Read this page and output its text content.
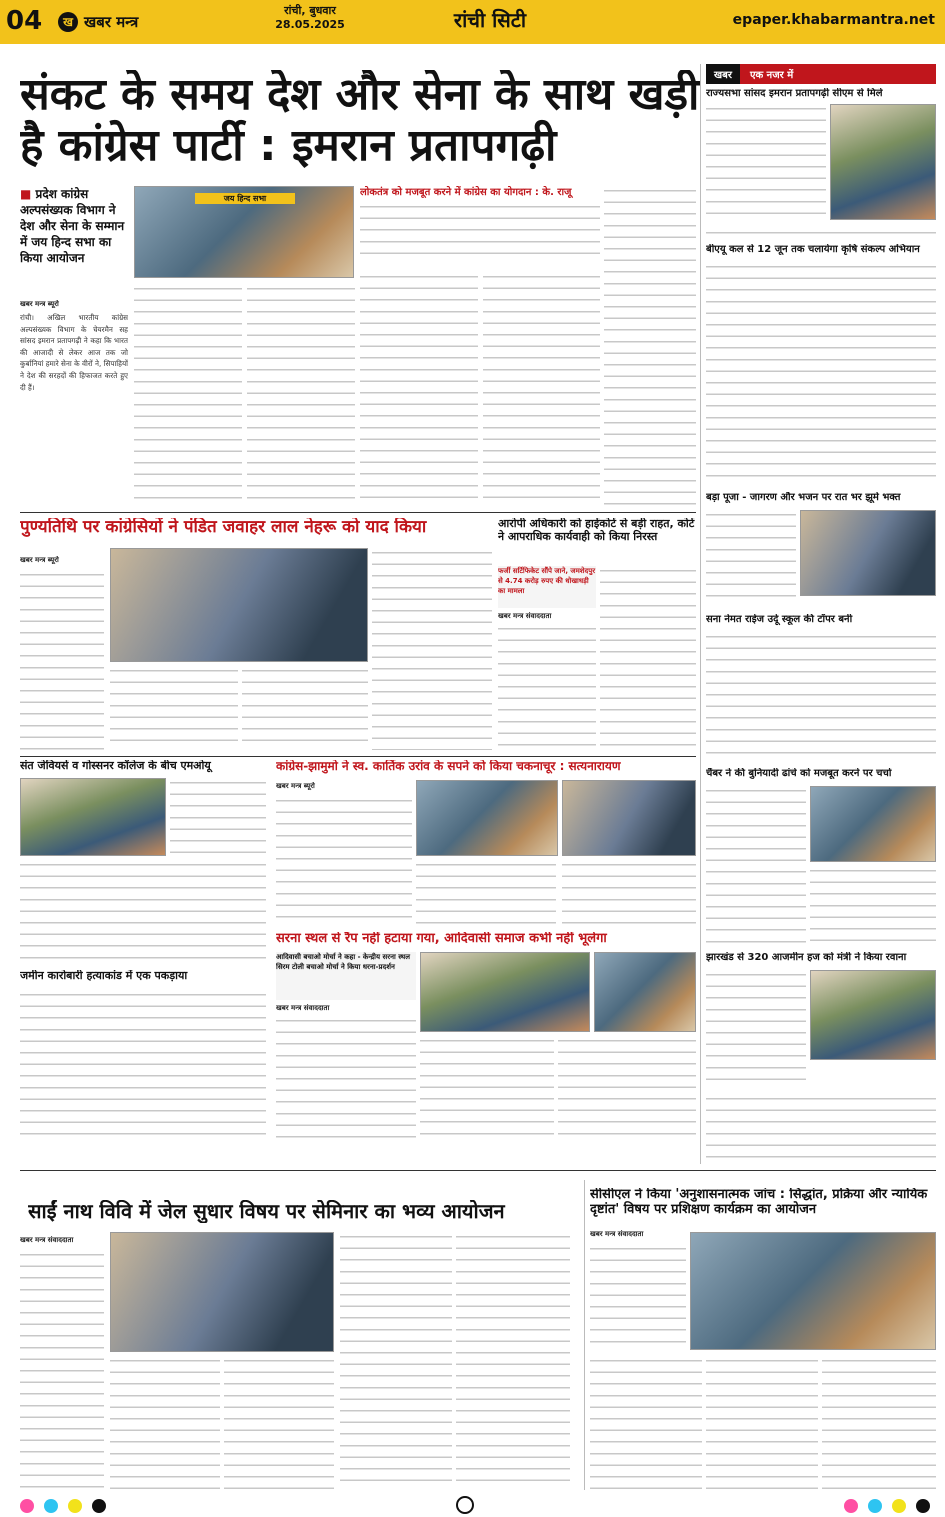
04	ख खबर मन्त्र
रांची, बुधवार
28.05.2025	रांची सिटी	epaper.khabarmantra.net
संकट के समय देश और सेना के साथ खड़ी है कांग्रेस पार्टी : इमरान प्रतापगढ़ी
■ प्रदेश कांग्रेस अल्पसंख्यक विभाग ने देश और सेना के सम्मान में जय हिन्द सभा का किया आयोजन
जय हिन्द सभा
लोकतंत्र को मजबूत करने में कांग्रेस का योगदान : के. राजू
खबर मन्त्र ब्यूरो
रांची। अखिल भारतीय कांग्रेस अल्पसंख्यक विभाग के चेयरमैन सह सांसद इमरान प्रतापगढ़ी ने कहा कि भारत की आजादी से लेकर आज तक जो कुर्बानियां हमारे सेना के वीरों ने, सिपाहियों ने देश की सरहदों की हिफाजत करते हुए दी हैं।
खबर	एक नजर में
राज्यसभा सांसद इमरान प्रतापगढ़ी सीएम से मिले
बीएयू कल से 12 जून तक चलायेगा कृषि संकल्प अभियान
बड़ा पूजा - जागरण और भजन पर रात भर झूमे भक्त
सना नेमत राईज उर्दू स्कूल की टॉपर बनी
चैंबर ने की बुनियादी ढांचे को मजबूत करने पर चर्चा
झारखंड से 320 आजमीन हज को मंत्री ने किया रवाना
पुण्यतिथि पर कांग्रेसियों ने पंडित जवाहर लाल नेहरू को याद किया
खबर मन्त्र ब्यूरो
आरोपी अधिकारी को हाईकोर्ट से बड़ी राहत, कोर्ट ने आपराधिक कार्यवाही को किया निरस्त
फर्जी सर्टिफिकेट सौंपे जाने, जमशेदपुर से 4.74 करोड़ रुपए की धोखाधड़ी का मामला
खबर मन्त्र संवाददाता
संत जेवियर्स व गोस्सनर कॉलेज के बीच एमओयू
जमीन कारोबारी हत्याकांड में एक पकड़ाया
कांग्रेस-झामुमो ने स्व. कार्तिक उरांव के सपने को किया चकनाचूर : सत्यनारायण
खबर मन्त्र ब्यूरो
सरना स्थल से रैंप नहीं हटाया गया, आदिवासी समाज कभी नहीं भूलेगा
आदिवासी बचाओ मोर्चा ने कहा - केन्द्रीय सरना स्थल सिरम टोली बचाओ मोर्चा ने किया धरना-प्रदर्शन
खबर मन्त्र संवाददाता
साईं नाथ विवि में जेल सुधार विषय पर सेमिनार का भव्य आयोजन
खबर मन्त्र संवाददाता
सीसीएल ने किया 'अनुशासनात्मक जांच : सिद्धांत, प्रक्रिया और न्यायिक दृष्टांत' विषय पर प्रशिक्षण कार्यक्रम का आयोजन
खबर मन्त्र संवाददाता
